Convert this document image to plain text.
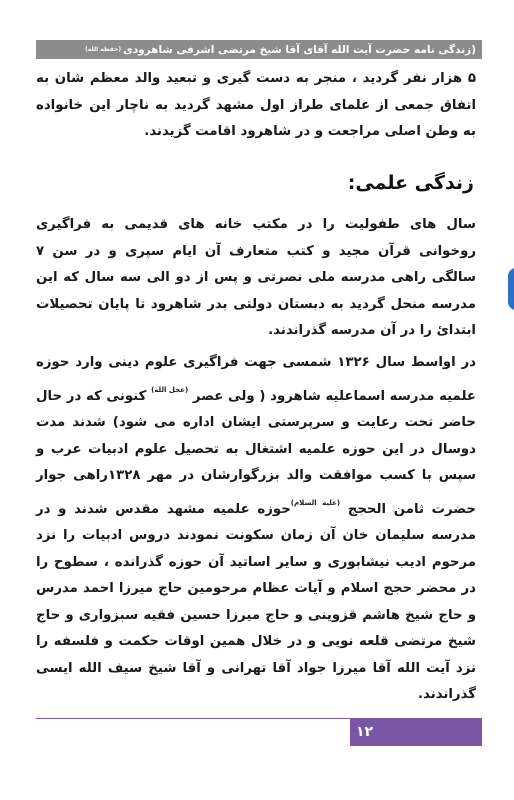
(زندگی نامه حضرت آیت الله آقای آقا شیخ مرتضی اشرفی شاهرودی(حفظه الله)

۵ هزار نفر گردید ، منجر به دست گیری و تبعید والد معظم شان به اتفاق جمعی از علمای طراز اول مشهد گردید به ناچار این خانواده به وطن اصلی مراجعت و در شاهرود اقامت گزیدند.

زندگی علمی:

سال های طفولیت را در مکتب خانه های قدیمی به فراگیری روخوانی قرآن مجید و کتب متعارف آن ایام سپری و در سن ۷ سالگی راهی مدرسه ملی نصرتی و پس از دو الی سه سال که این مدرسه منحل گردید به دبستان دولتی بدر شاهرود تا پایان تحصیلات ابتدائ را در آن مدرسه گذراندند.

در اواسط سال ۱۳۲۶ شمسی جهت فراگیری علوم دینی وارد حوزه علمیه مدرسه اسماعلیه شاهرود ( ولی عصر $^{(عجل الله)}$ کنونی که در حال حاضر تحت رعایت و سرپرستی ایشان اداره می شود) شدند مدت دوسال در این حوزه علمیه اشتغال به تحصیل علوم ادبیات عرب و سپس با کسب موافقت والد بزرگوارشان در مهر ۱۳۲۸راهی جوار حضرت ثامن الحجج $^{(علیه السلام)}$حوزه علمیه مشهد مقدس شدند و در مدرسه سلیمان خان آن زمان سکونت نمودند دروس ادبیات را نزد مرحوم ادیب نیشابوری و سایر اساتید آن حوزه گذرانده ، سطوح را در محضر حجج اسلام و آیات عظام مرحومین حاج میرزا احمد مدرس و حاج شیخ هاشم قزوینی و حاج میرزا حسین فقیه سبزواری و حاج شیخ مرتضی قلعه نویی و در خلال همین اوقات حکمت و فلسفه را نزد آیت الله آقا میرزا جواد آقا تهرانی و آقا شیخ سیف الله ایسی گذراندند.

۱۲
